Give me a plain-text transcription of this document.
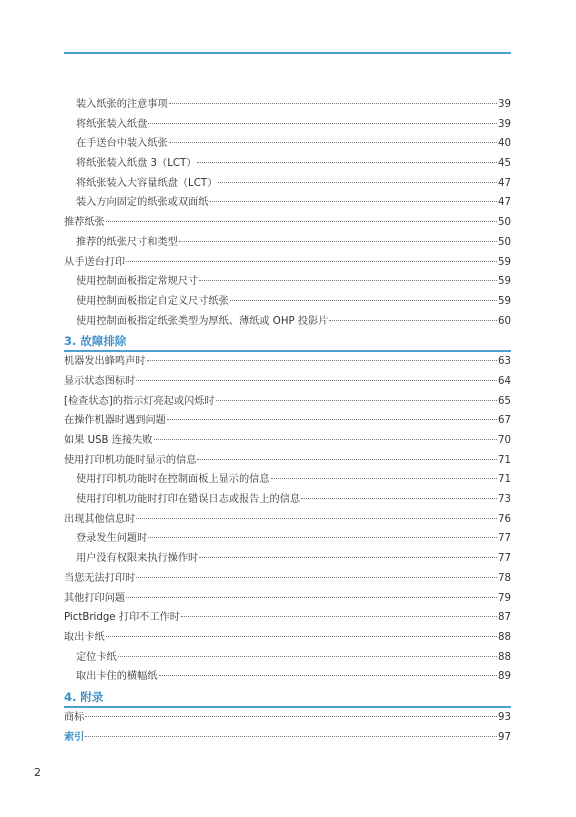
装入纸张的注意事项	39
将纸张装入纸盘	39
在手送台中装入纸张	40
将纸张装入纸盘 3（LCT）	45
将纸张装入大容量纸盘（LCT）	47
装入方向固定的纸张或双面纸	47
推荐纸张	50
推荐的纸张尺寸和类型	50
从手送台打印	59
使用控制面板指定常规尺寸	59
使用控制面板指定自定义尺寸纸张	59
使用控制面板指定纸张类型为厚纸、薄纸或 OHP 投影片	60
3. 故障排除
机器发出蜂鸣声时	63
显示状态图标时	64
[检查状态]的指示灯亮起或闪烁时	65
在操作机器时遇到问题	67
如果 USB 连接失败	70
使用打印机功能时显示的信息	71
使用打印机功能时在控制面板上显示的信息	71
使用打印机功能时打印在错误日志或报告上的信息	73
出现其他信息时	76
登录发生问题时	77
用户没有权限来执行操作时	77
当您无法打印时	78
其他打印问题	79
PictBridge 打印不工作时	87
取出卡纸	88
定位卡纸	88
取出卡住的横幅纸	89
4. 附录
商标	93
索引	97
2
